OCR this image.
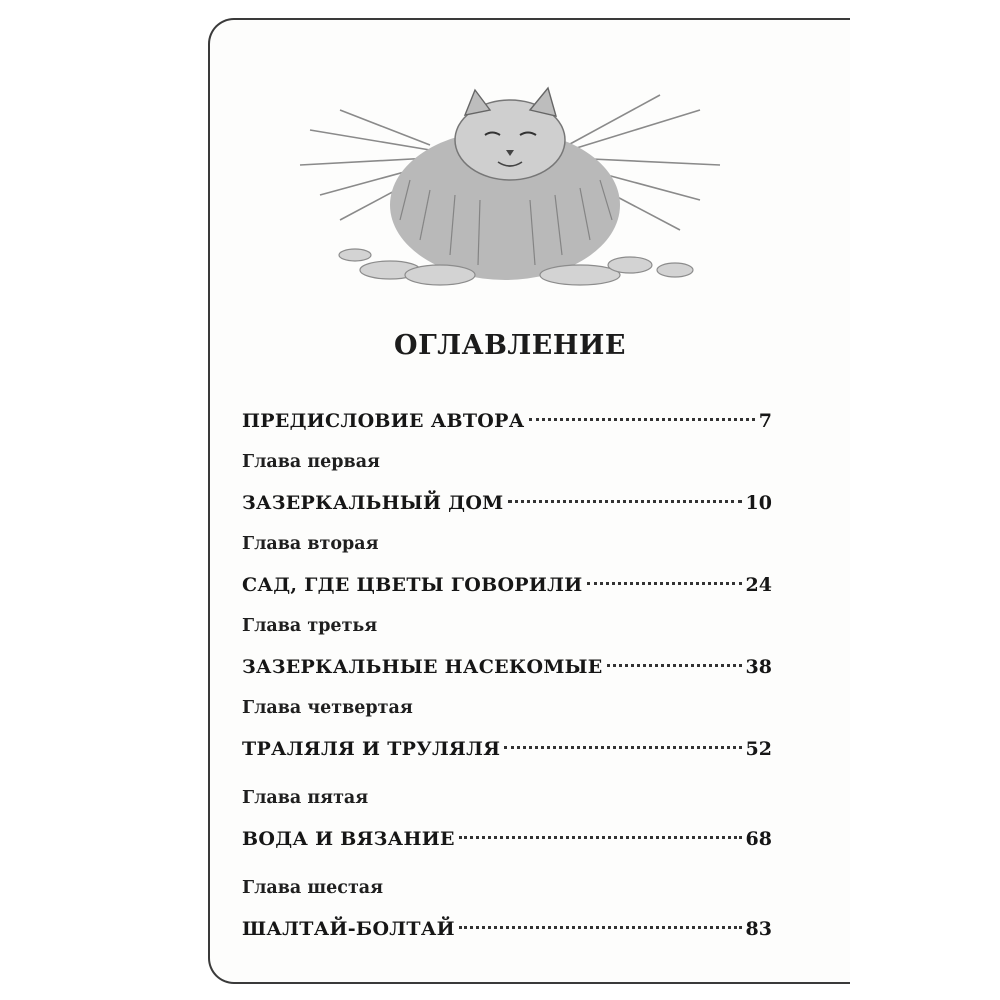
ОГЛАВЛЕНИЕ
ПРЕДИСЛОВИЕ АВТОРА	7
Глава первая
ЗАЗЕРКАЛЬНЫЙ ДОМ	10
Глава вторая
САД, ГДЕ ЦВЕТЫ ГОВОРИЛИ	24
Глава третья
ЗАЗЕРКАЛЬНЫЕ НАСЕКОМЫЕ	38
Глава четвертая
ТРАЛЯЛЯ И ТРУЛЯЛЯ	52
Глава пятая
ВОДА И ВЯЗАНИЕ	68
Глава шестая
ШАЛТАЙ-БОЛТАЙ	83
